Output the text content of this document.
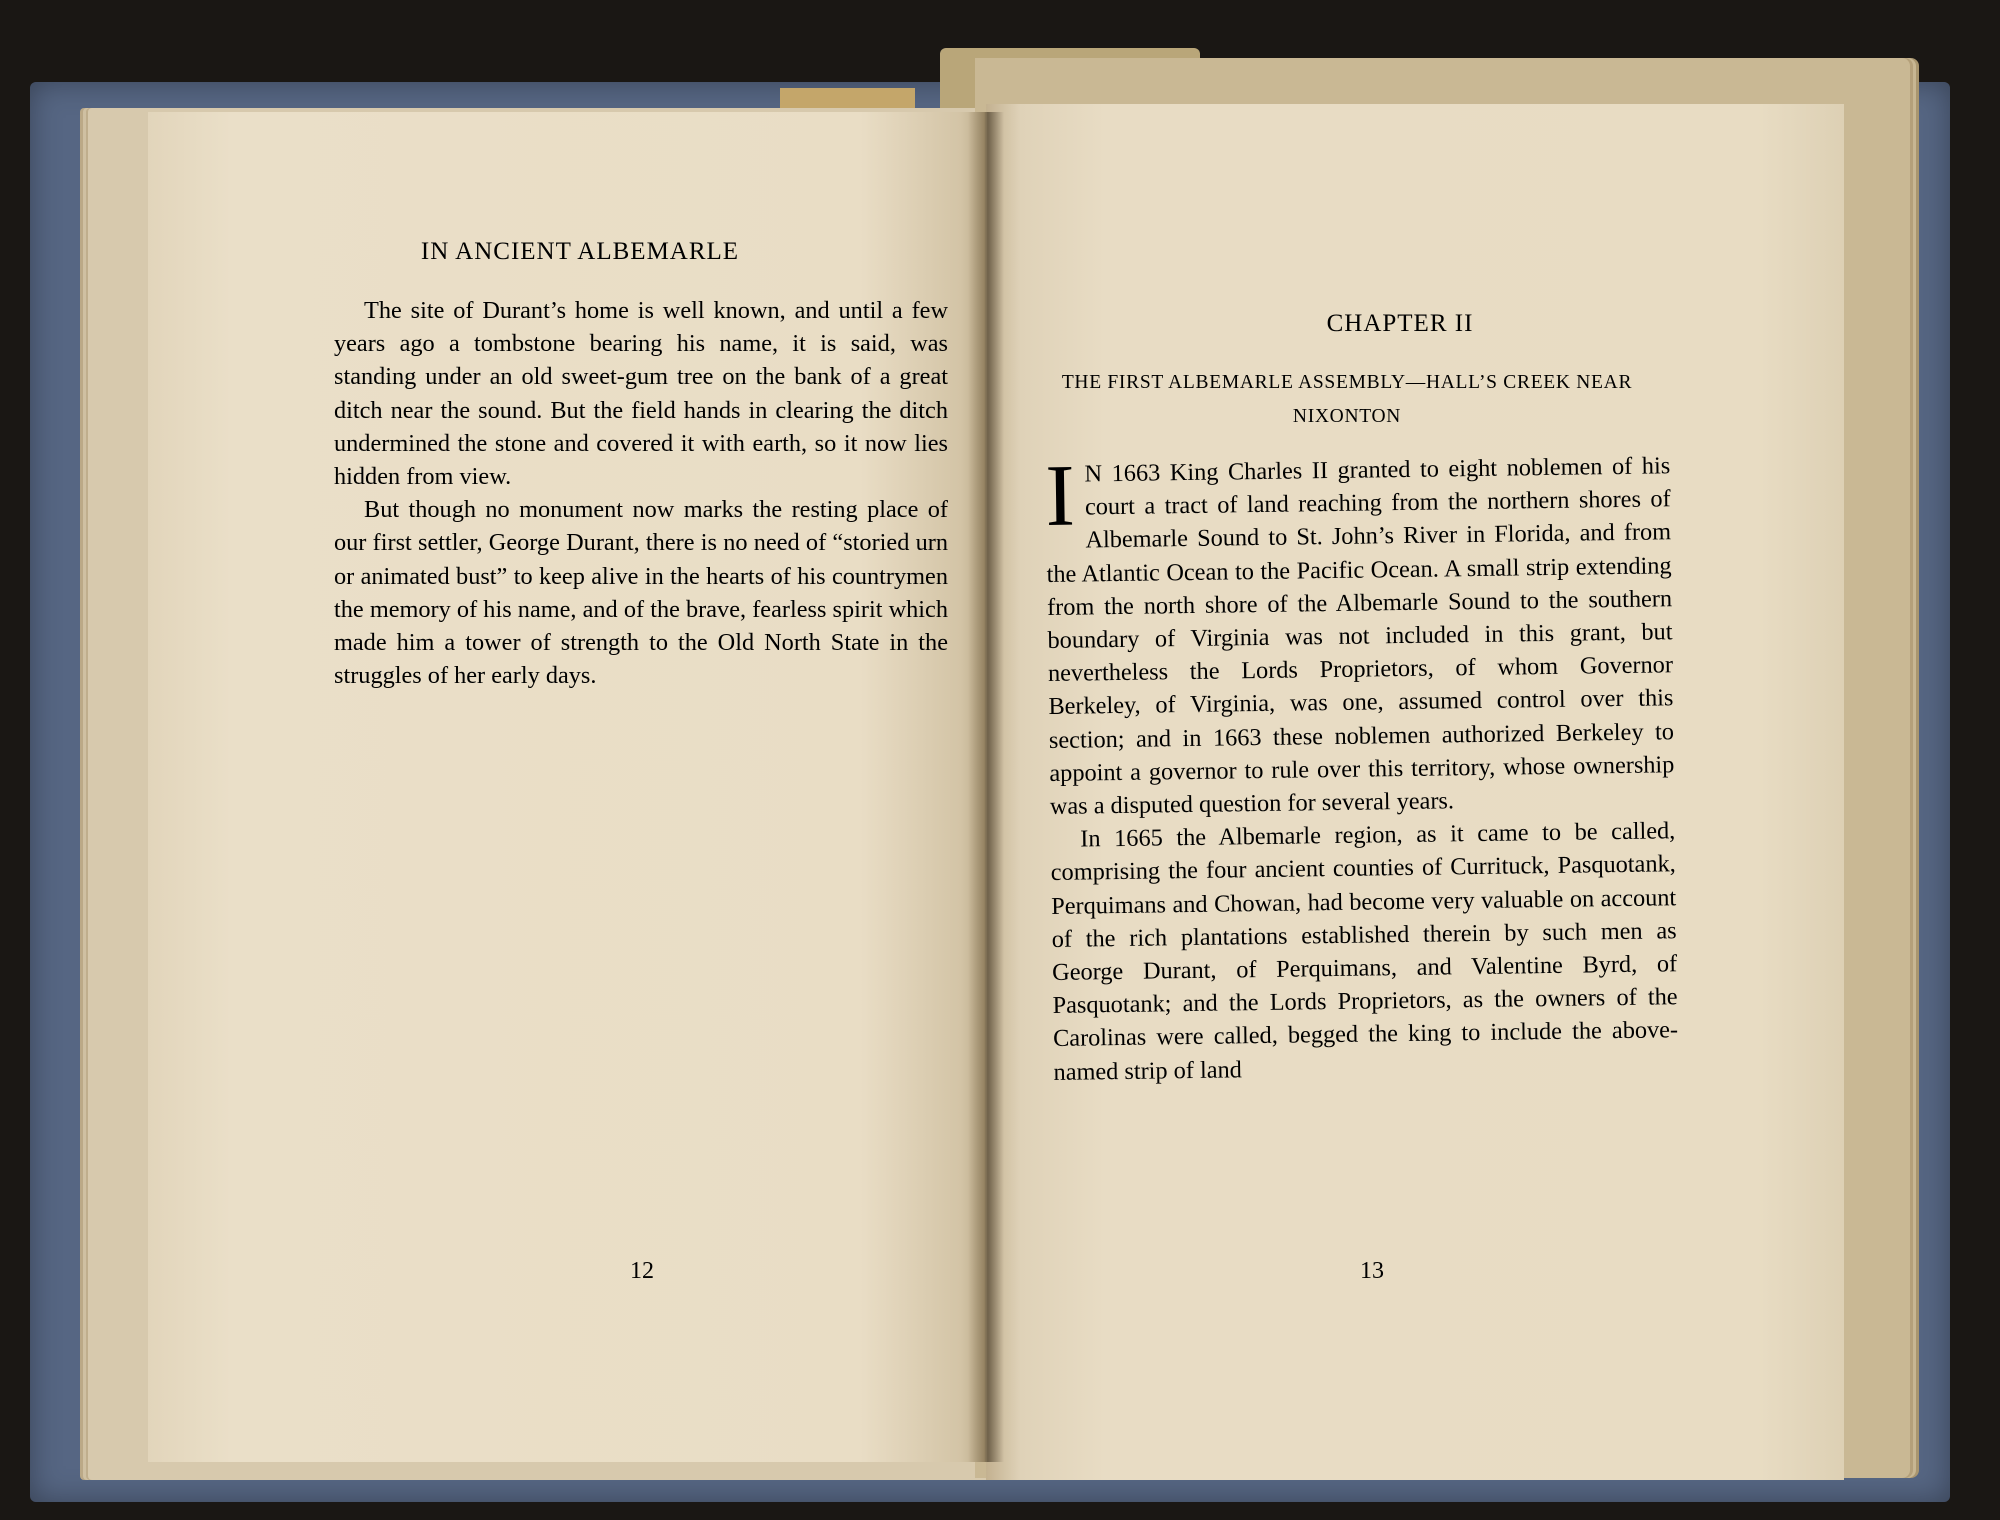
IN ANCIENT ALBEMARLE

The site of Durant’s home is well known, and until a few years ago a tombstone bearing his name, it is said, was standing under an old sweet-gum tree on the bank of a great ditch near the sound. But the field hands in clearing the ditch undermined the stone and covered it with earth, so it now lies hidden from view.

But though no monument now marks the resting place of our first settler, George Durant, there is no need of “storied urn or animated bust” to keep alive in the hearts of his countrymen the memory of his name, and of the brave, fearless spirit which made him a tower of strength to the Old North State in the struggles of her early days.

12
CHAPTER II
THE FIRST ALBEMARLE ASSEMBLY—HALL’S CREEK NEAR NIXONTON

I N 1663 King Charles II granted to eight noblemen of his court a tract of land reaching from the northern shores of Albemarle Sound to St. John’s River in Florida, and from the Atlantic Ocean to the Pacific Ocean. A small strip extending from the north shore of the Albemarle Sound to the southern boundary of Virginia was not included in this grant, but nevertheless the Lords Proprietors, of whom Governor Berkeley, of Virginia, was one, assumed control over this section; and in 1663 these noblemen authorized Berkeley to appoint a governor to rule over this territory, whose ownership was a disputed question for several years.

In 1665 the Albemarle region, as it came to be called, comprising the four ancient counties of Currituck, Pasquotank, Perquimans and Chowan, had become very valuable on account of the rich plantations established therein by such men as George Durant, of Perquimans, and Valentine Byrd, of Pasquotank; and the Lords Proprietors, as the owners of the Carolinas were called, begged the king to include the above-named strip of land

13
